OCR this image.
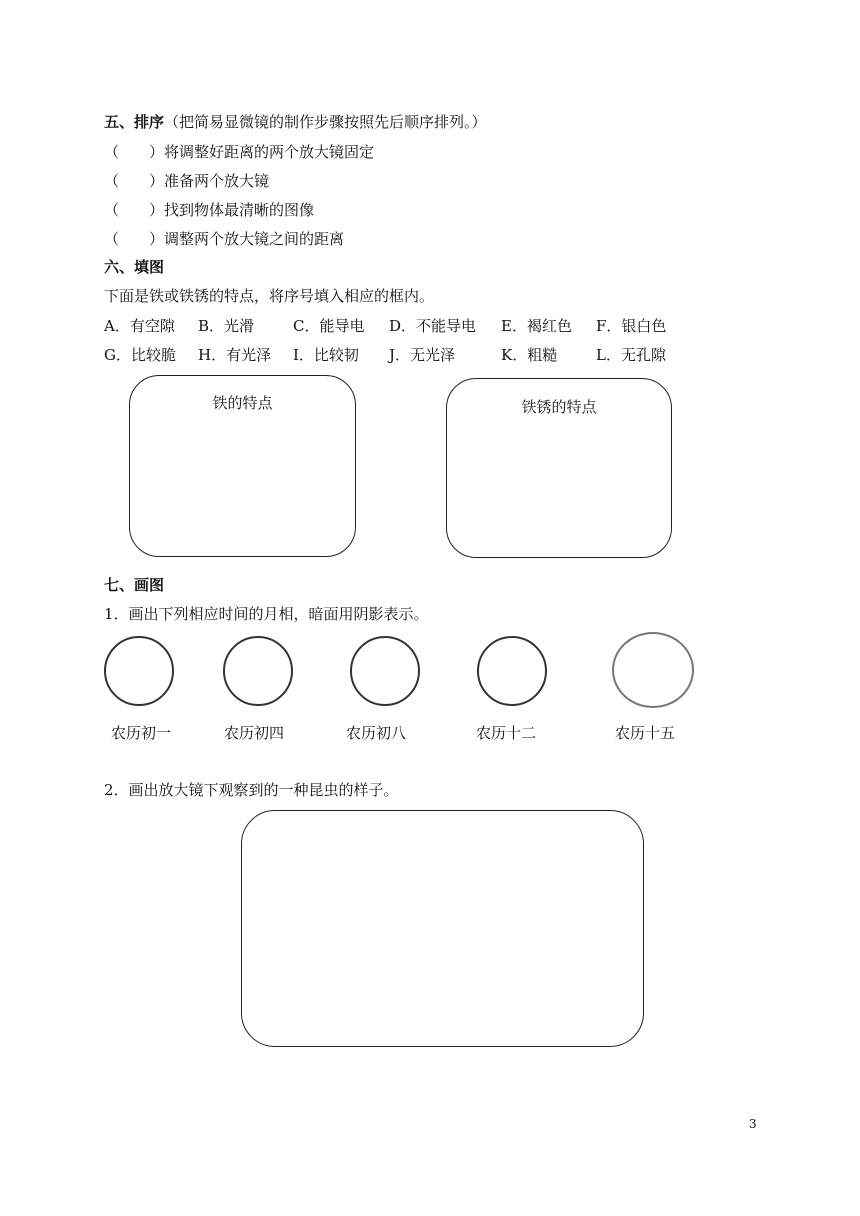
五、排序（把简易显微镜的制作步骤按照先后顺序排列。）
（　　）将调整好距离的两个放大镜固定
（　　）准备两个放大镜
（　　）找到物体最清晰的图像
（　　）调整两个放大镜之间的距离
六、填图
下面是铁或铁锈的特点，将序号填入相应的框内。
A．有空隙 B．光滑	C．能导电 D．不能导电 E．褐红色 F．银白色
G．比较脆 H．有光泽 I．比较韧 J．无光泽	K．粗糙	L．无孔隙
铁的特点	铁锈的特点
七、画图
1．画出下列相应时间的月相，暗面用阴影表示。
农历初一	农历初四	农历初八	农历十二	农历十五
2．画出放大镜下观察到的一种昆虫的样子。
3
